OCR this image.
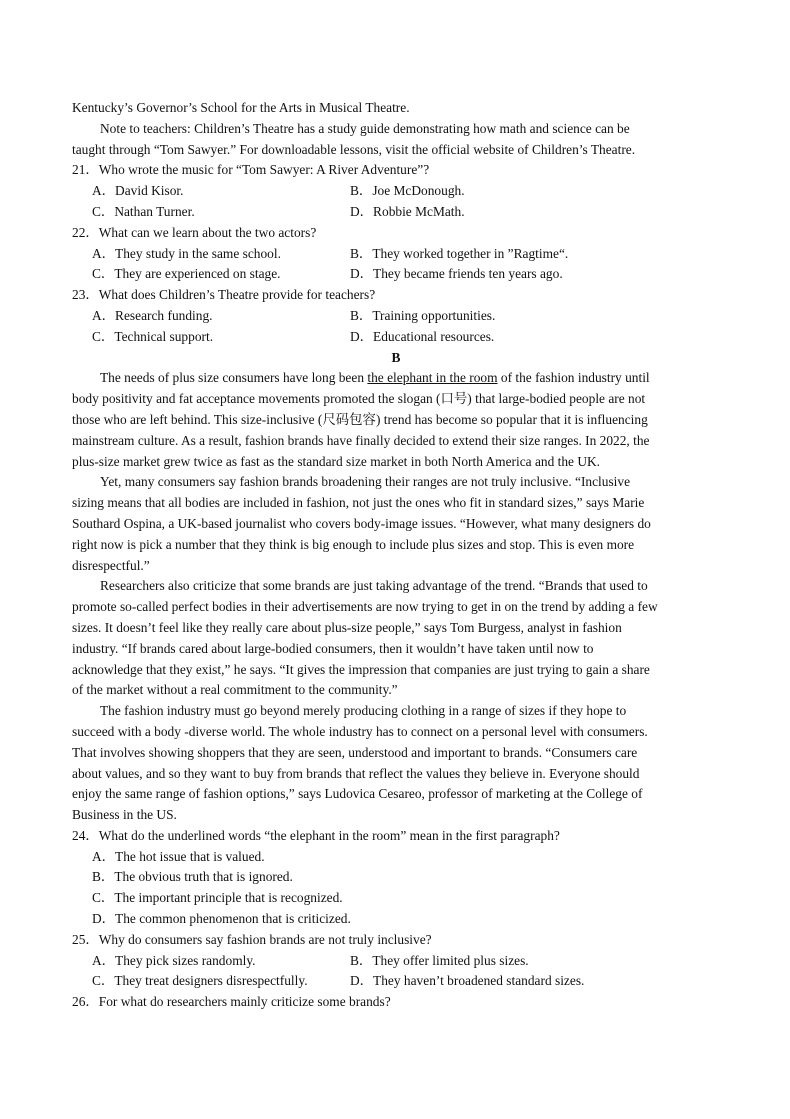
Kentucky’s Governor’s School for the Arts in Musical Theatre.
Note to teachers: Children’s Theatre has a study guide demonstrating how math and science can be
taught through “Tom Sawyer.” For downloadable lessons, visit the official website of Children’s Theatre.
21．Who wrote the music for “Tom Sawyer: A River Adventure”?
A．David Kisor.	B．Joe McDonough.
C．Nathan Turner.	D．Robbie McMath.
22．What can we learn about the two actors?
A．They study in the same school.	B．They worked together in ”Ragtime“.
C．They are experienced on stage.	D．They became friends ten years ago.
23．What does Children’s Theatre provide for teachers?
A．Research funding.	B．Training opportunities.
C．Technical support.	D．Educational resources.
B
The needs of plus size consumers have long been the elephant in the room of the fashion industry until
body positivity and fat acceptance movements promoted the slogan (口号) that large-bodied people are not
those who are left behind. This size-inclusive (尺码包容) trend has become so popular that it is influencing
mainstream culture. As a result, fashion brands have finally decided to extend their size ranges. In 2022, the
plus-size market grew twice as fast as the standard size market in both North America and the UK.
Yet, many consumers say fashion brands broadening their ranges are not truly inclusive. “Inclusive
sizing means that all bodies are included in fashion, not just the ones who fit in standard sizes,” says Marie
Southard Ospina, a UK-based journalist who covers body-image issues. “However, what many designers do
right now is pick a number that they think is big enough to include plus sizes and stop. This is even more
disrespectful.”
Researchers also criticize that some brands are just taking advantage of the trend. “Brands that used to
promote so-called perfect bodies in their advertisements are now trying to get in on the trend by adding a few
sizes. It doesn’t feel like they really care about plus-size people,” says Tom Burgess, analyst in fashion
industry. “If brands cared about large-bodied consumers, then it wouldn’t have taken until now to
acknowledge that they exist,” he says. “It gives the impression that companies are just trying to gain a share
of the market without a real commitment to the community.”
The fashion industry must go beyond merely producing clothing in a range of sizes if they hope to
succeed with a body -diverse world. The whole industry has to connect on a personal level with consumers.
That involves showing shoppers that they are seen, understood and important to brands. “Consumers care
about values, and so they want to buy from brands that reflect the values they believe in. Everyone should
enjoy the same range of fashion options,” says Ludovica Cesareo, professor of marketing at the College of
Business in the US.
24．What do the underlined words “the elephant in the room” mean in the first paragraph?
A．The hot issue that is valued.
B．The obvious truth that is ignored.
C．The important principle that is recognized.
D．The common phenomenon that is criticized.
25．Why do consumers say fashion brands are not truly inclusive?
A．They pick sizes randomly.	B．They offer limited plus sizes.
C．They treat designers disrespectfully.	D．They haven’t broadened standard sizes.
26．For what do researchers mainly criticize some brands?
